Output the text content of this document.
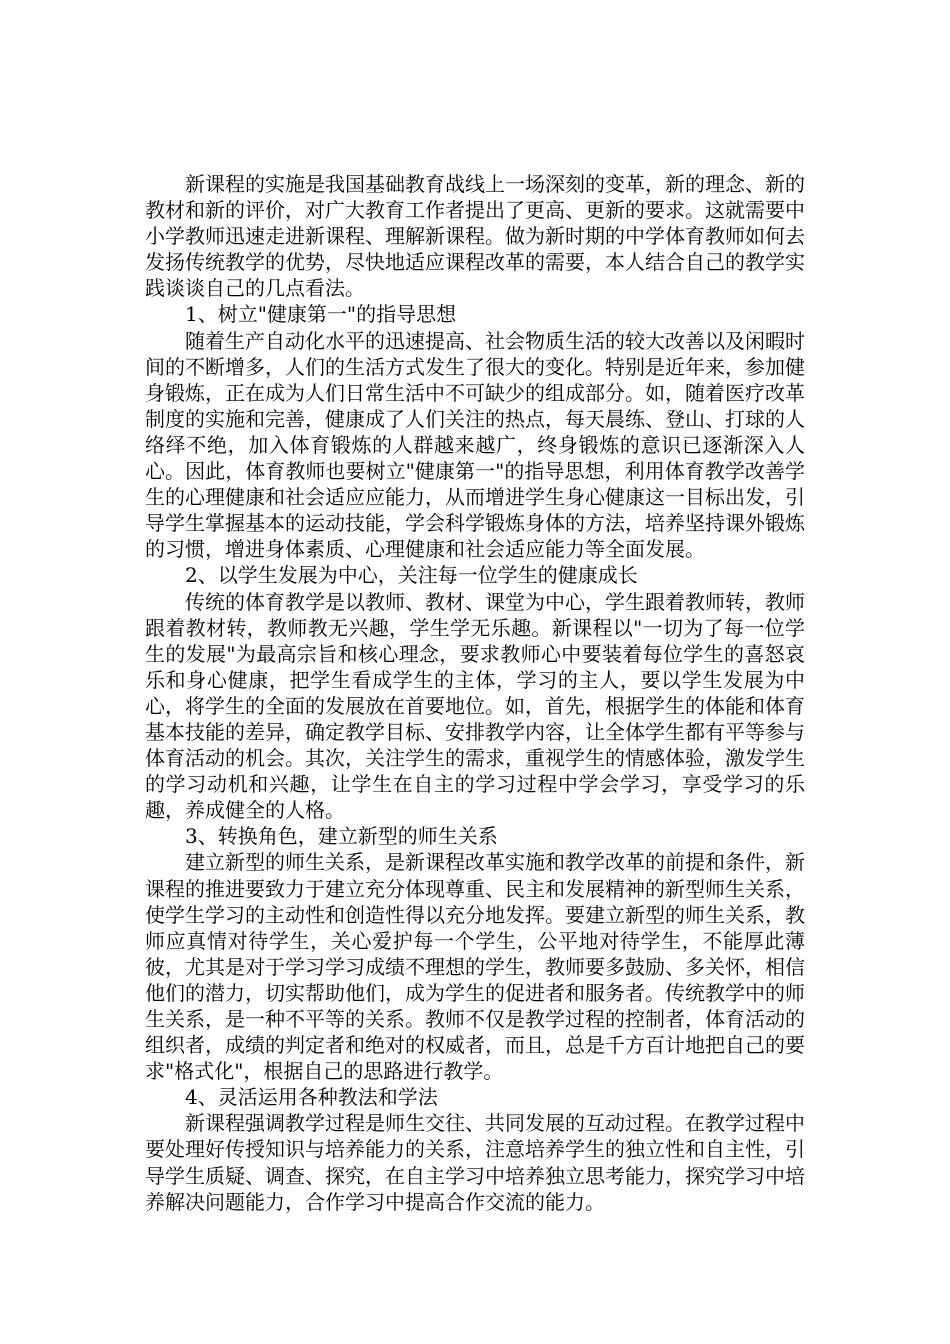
新课程的实施是我国基础教育战线上一场深刻的变革，新的理念、新的教材和新的评价，对广大教育工作者提出了更高、更新的要求。这就需要中小学教师迅速走进新课程、理解新课程。做为新时期的中学体育教师如何去发扬传统教学的优势，尽快地适应课程改革的需要，本人结合自己的教学实践谈谈自己的几点看法。

1、树立"健康第一"的指导思想

随着生产自动化水平的迅速提高、社会物质生活的较大改善以及闲暇时间的不断增多，人们的生活方式发生了很大的变化。特别是近年来，参加健身锻炼，正在成为人们日常生活中不可缺少的组成部分。如，随着医疗改革制度的实施和完善，健康成了人们关注的热点，每天晨练、登山、打球的人络绎不绝，加入体育锻炼的人群越来越广，终身锻炼的意识已逐渐深入人心。因此，体育教师也要树立"健康第一"的指导思想，利用体育教学改善学生的心理健康和社会适应应能力，从而增进学生身心健康这一目标出发，引导学生掌握基本的运动技能，学会科学锻炼身体的方法，培养坚持课外锻炼的习惯，增进身体素质、心理健康和社会适应能力等全面发展。

2、以学生发展为中心，关注每一位学生的健康成长

传统的体育教学是以教师、教材、课堂为中心，学生跟着教师转，教师跟着教材转，教师教无兴趣，学生学无乐趣。新课程以"一切为了每一位学生的发展"为最高宗旨和核心理念，要求教师心中要装着每位学生的喜怒哀乐和身心健康，把学生看成学生的主体，学习的主人，要以学生发展为中心，将学生的全面的发展放在首要地位。如，首先，根据学生的体能和体育基本技能的差异，确定教学目标、安排教学内容，让全体学生都有平等参与体育活动的机会。其次，关注学生的需求，重视学生的情感体验，激发学生的学习动机和兴趣，让学生在自主的学习过程中学会学习，享受学习的乐趣，养成健全的人格。

3、转换角色，建立新型的师生关系

建立新型的师生关系，是新课程改革实施和教学改革的前提和条件，新课程的推进要致力于建立充分体现尊重、民主和发展精神的新型师生关系，使学生学习的主动性和创造性得以充分地发挥。要建立新型的师生关系，教师应真情对待学生，关心爱护每一个学生，公平地对待学生，不能厚此薄彼，尤其是对于学习学习成绩不理想的学生，教师要多鼓励、多关怀，相信他们的潜力，切实帮助他们，成为学生的促进者和服务者。传统教学中的师生关系，是一种不平等的关系。教师不仅是教学过程的控制者，体育活动的组织者，成绩的判定者和绝对的权威者，而且，总是千方百计地把自己的要求"格式化"，根据自己的思路进行教学。

4、灵活运用各种教法和学法

新课程强调教学过程是师生交往、共同发展的互动过程。在教学过程中要处理好传授知识与培养能力的关系，注意培养学生的独立性和自主性，引导学生质疑、调查、探究，在自主学习中培养独立思考能力，探究学习中培养解决问题能力，合作学习中提高合作交流的能力。
